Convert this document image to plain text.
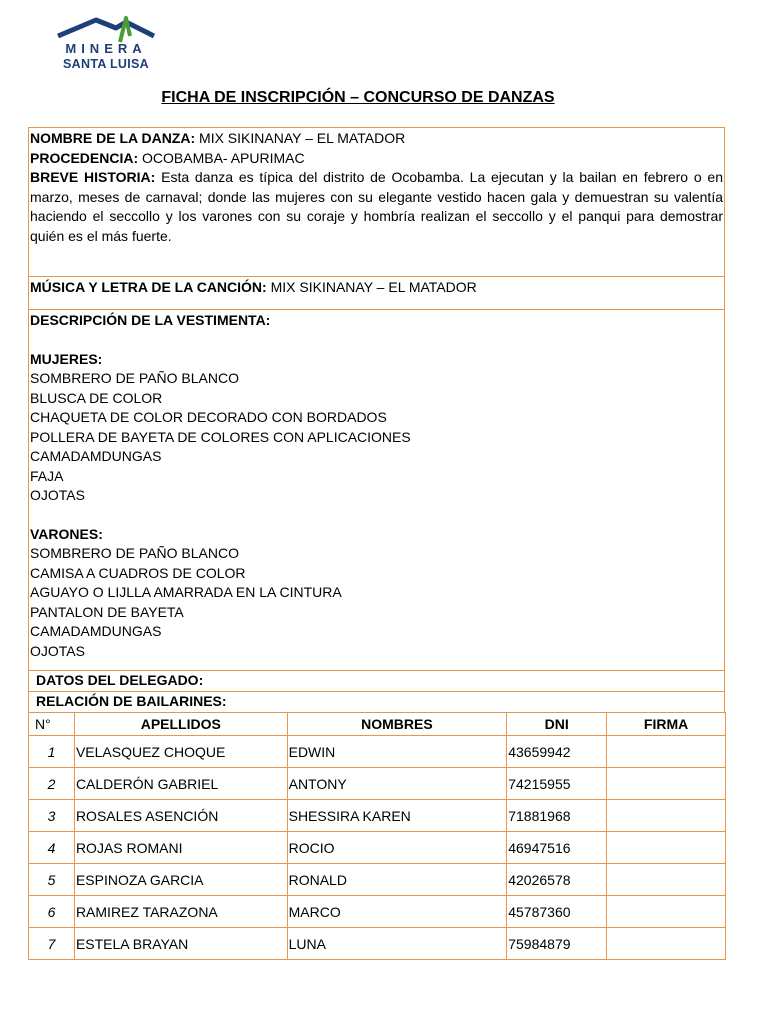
MINERA
SANTA LUISA
FICHA DE INSCRIPCIÓN – CONCURSO DE DANZAS

NOMBRE DE LA DANZA: MIX SIKINANAY – EL MATADOR

PROCEDENCIA: OCOBAMBA- APURIMAC

BREVE HISTORIA: Esta danza es típica del distrito de Ocobamba. La ejecutan y la bailan en febrero o en marzo, meses de carnaval; donde las mujeres con su elegante vestido hacen gala y demuestran su valentía haciendo el seccollo y los varones con su coraje y hombría realizan el seccollo y el panqui para demostrar quién es el más fuerte.

MÚSICA Y LETRA DE LA CANCIÓN: MIX SIKINANAY – EL MATADOR

DESCRIPCIÓN DE LA VESTIMENTA:

MUJERES:

SOMBRERO DE PAÑO BLANCO

BLUSCA DE COLOR

CHAQUETA DE COLOR DECORADO CON BORDADOS

POLLERA DE BAYETA DE COLORES CON APLICACIONES

CAMADAMDUNGAS

FAJA

OJOTAS

VARONES:

SOMBRERO DE PAÑO BLANCO

CAMISA A CUADROS DE COLOR

AGUAYO O LIJLLA AMARRADA EN LA CINTURA

PANTALON DE BAYETA

CAMADAMDUNGAS

OJOTAS

DATOS DEL DELEGADO:

RELACIÓN DE BAILARINES:

N°	APELLIDOS	NOMBRES	DNI	FIRMA
1	VELASQUEZ CHOQUE	EDWIN	43659942	
2	CALDERÓN GABRIEL	ANTONY	74215955	
3	ROSALES ASENCIÓN	SHESSIRA KAREN	71881968	
4	ROJAS ROMANI	ROCIO	46947516	
5	ESPINOZA GARCIA	RONALD	42026578	
6	RAMIREZ TARAZONA	MARCO	45787360	
7	ESTELA BRAYAN	LUNA	75984879	
